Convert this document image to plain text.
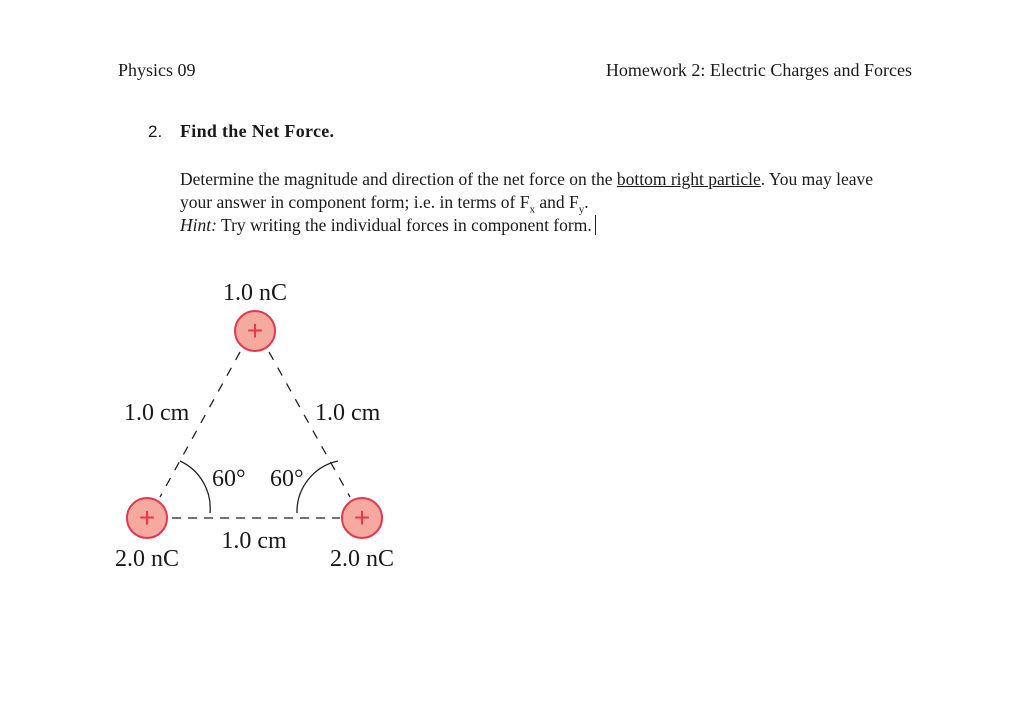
Physics 09	Homework 2: Electric Charges and Forces
2. Find the Net Force.
Determine the magnitude and direction of the net force on the bottom right particle. You may leave your answer in component form; i.e. in terms of $F_x$ and $F_y$.
Hint: Try writing the individual forces in component form.
+
+	+
1.0 nC
1.0 cm	1.0 cm
60° 60°
1.0 cm
2.0 nC	2.0 nC
